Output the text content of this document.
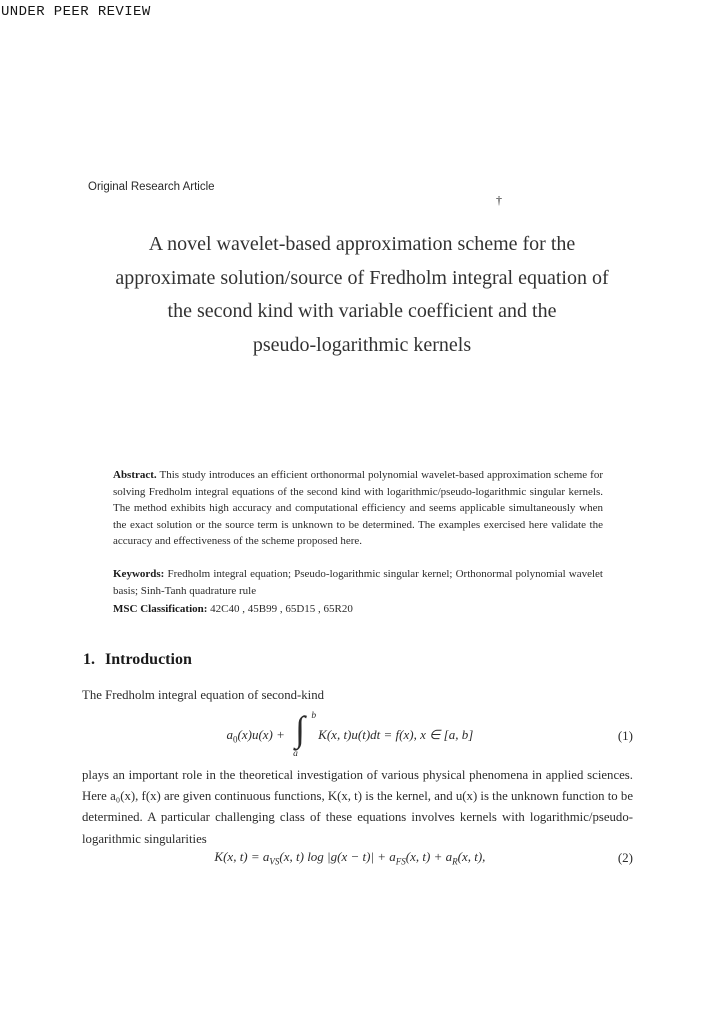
UNDER PEER REVIEW
Original Research Article
†
A novel wavelet-based approximation scheme for the
approximate solution/source of Fredholm integral equation of
the second kind with variable coefficient and the
pseudo-logarithmic kernels
Abstract. This study introduces an efficient orthonormal polynomial wavelet-based approximation scheme for solving Fredholm integral equations of the second kind with logarithmic/pseudo-logarithmic singular kernels. The method exhibits high accuracy and computational efficiency and seems applicable simultaneously when the exact solution or the source term is unknown to be determined. The examples exercised here validate the accuracy and effectiveness of the scheme proposed here.
Keywords: Fredholm integral equation; Pseudo-logarithmic singular kernel; Orthonormal polynomial wavelet basis; Sinh-Tanh quadrature rule
MSC Classification: 42C40 , 45B99 , 65D15 , 65R20
1. Introduction
The Fredholm integral equation of second-kind
$a_0(x)u(x)$ + ∫ b
a
K(x, t)u(t)dt = f(x), x ∈ [a, b]	(1)
plays an important role in the theoretical investigation of various physical phenomena in applied sciences. Here a₀(x), f(x) are given continuous functions, K(x, t) is the kernel, and u(x) is the unknown function to be determined. A particular challenging class of these equations involves kernels with logarithmic/pseudo-logarithmic singularities
K(x, $t) = a_{VS}(x$, t) $\log |g(x - t)| + a_{FS}(x$, $t) + a_R(x$, t),	(2)
